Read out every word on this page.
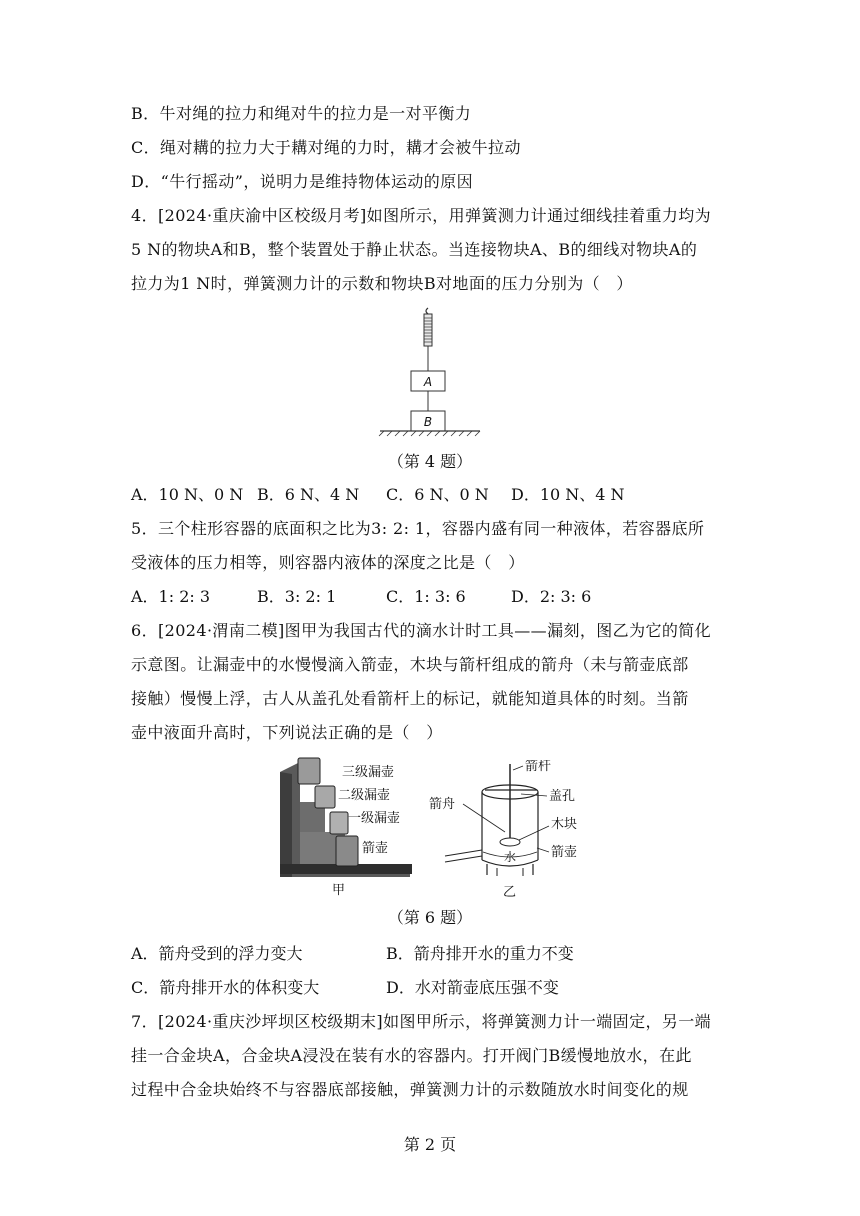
B．牛对绳的拉力和绳对牛的拉力是一对平衡力
C．绳对耩的拉力大于耩对绳的力时，耩才会被牛拉动
D．“牛行摇动”，说明力是维持物体运动的原因
4．[2024·重庆渝中区校级月考]如图所示，用弹簧测力计通过细线挂着重力均为
5 N的物块A和B，整个装置处于静止状态。当连接物块A、B的细线对物块A的
拉力为1 N时，弹簧测力计的示数和物块B对地面的压力分别为（　）
A
B
（第 4 题）
A．10 N、0 N B．6 N、4 N C．6 N、0 N D．10 N、4 N
5．三个柱形容器的底面积之比为3: 2: 1，容器内盛有同一种液体，若容器底所
受液体的压力相等，则容器内液体的深度之比是（　）
A．1: 2: 3	B．3: 2: 1	C．1: 3: 6	D．2: 3: 6
6．[2024·渭南二模]图甲为我国古代的滴水计时工具——漏刻，图乙为它的简化
示意图。让漏壶中的水慢慢滴入箭壶，木块与箭杆组成的箭舟（未与箭壶底部
接触）慢慢上浮，古人从盖孔处看箭杆上的标记，就能知道具体的时刻。当箭
壶中液面升高时，下列说法正确的是（　）
三级漏壶
二级漏壶
一级漏壶
箭壶
甲
箭杆
箭舟
盖孔
木块
箭壶
水
乙
（第 6 题）
A．箭舟受到的浮力变大	B．箭舟排开水的重力不变
C．箭舟排开水的体积变大	D．水对箭壶底压强不变
7．[2024·重庆沙坪坝区校级期末]如图甲所示，将弹簧测力计一端固定，另一端
挂一合金块A，合金块A浸没在装有水的容器内。打开阀门B缓慢地放水，在此
过程中合金块始终不与容器底部接触，弹簧测力计的示数随放水时间变化的规
第 2 页
